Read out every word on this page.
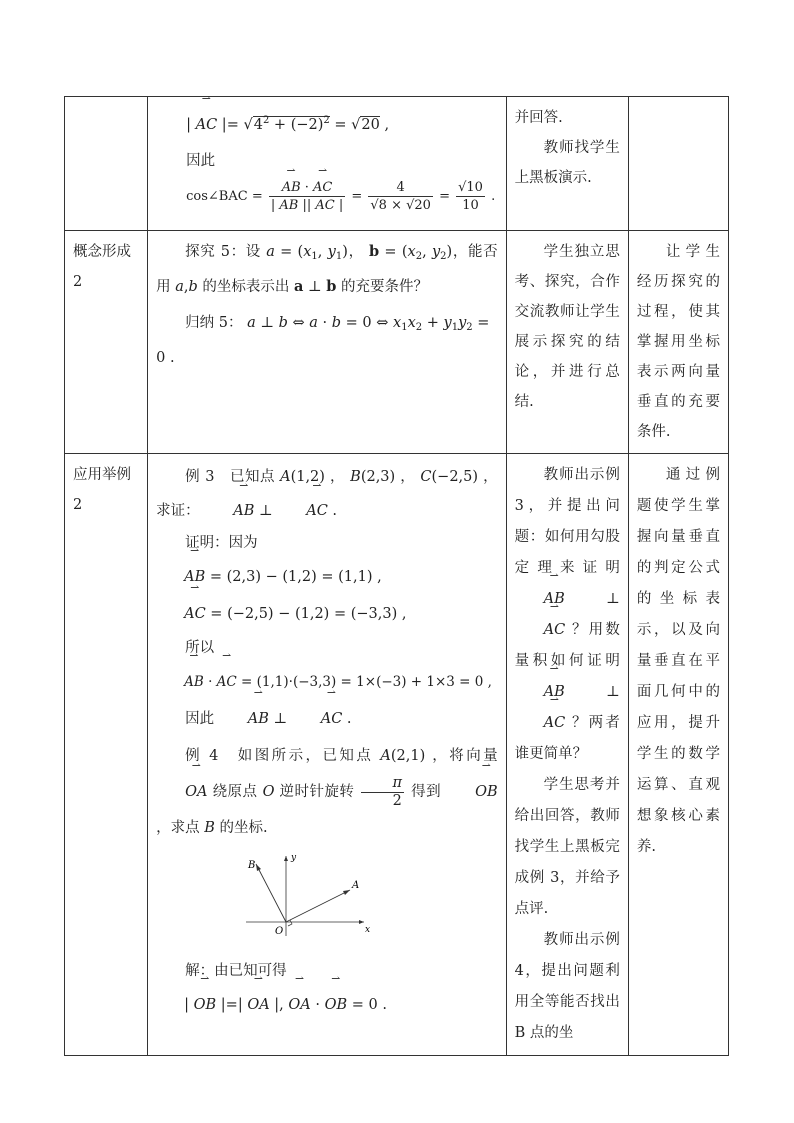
| ⇀ AC |= $√4^2 + (-2)^2 = √20$ ,
因此
cos∠BAC =
⇀ $\frac{AB \cdot ⇀ AC}{| AB || AC |} = \frac{4}{√8 \times √20} = \frac{√10}{10}$ .

并回答.
教师找学生上黑板演示.

概念形成
2

探究 5：设 $a = (x_1$, $y_1$)， $b = (x_2$, $y_2$)，能否用 a,b 的坐标表示出 a ⊥ b 的充要条件？
归纳 5： a ⊥ b ⇔ a · b = 0 ⇔ $x_1x_2 + y_1y_2 = 0$ .

学生独立思考、探究，合作交流教师让学生展示探究的结论，并进行总结.

让学生经历探究的过程，使其掌握用坐标表示两向量垂直的充要条件.

应用举例
2

例 3　已知点 A(1,2) ， B(2,3) ， C(−2,5) ，求证： ⇀ AB ⊥ ⇀ AC .
证明：因为
⇀ AB = (2,3) − (1,2) = (1,1) ,
⇀ AC = (−2,5) − (1,2) = (−3,3) ,
所以
⇀ AB · ⇀ AC = (1,1)·(−3,3) = 1×(−3) + 1×3 = 0 ,
因此 ⇀ AB ⊥ ⇀ AC .
例 4　如图所示，已知点 A(2,1) ，将向量 ⇀ OA 绕原点 O 逆时针旋转 $\frac{\pi}{2}$ 得到 ⇀ OB ，求点 B 的坐标.
B
A
O	x
y
解：由已知可得
| ⇀ OB |=| ⇀ OA |, ⇀ OA · ⇀ OB = 0 .

教师出示例 3，并提出问题：如何用勾股定理来证明 ⇀ AB ⊥ ⇀ AC ？用数量积如何证明 ⇀ AB ⊥ ⇀ AC ？两者谁更简单？
学生思考并给出回答，教师找学生上黑板完成例 3，并给予点评.
教师出示例 4，提出问题利用全等能否找出 B 点的坐

通过例题使学生掌握向量垂直的判定公式的坐标表示，以及向量垂直在平面几何中的应用，提升学生的数学运算、直观想象核心素养.
